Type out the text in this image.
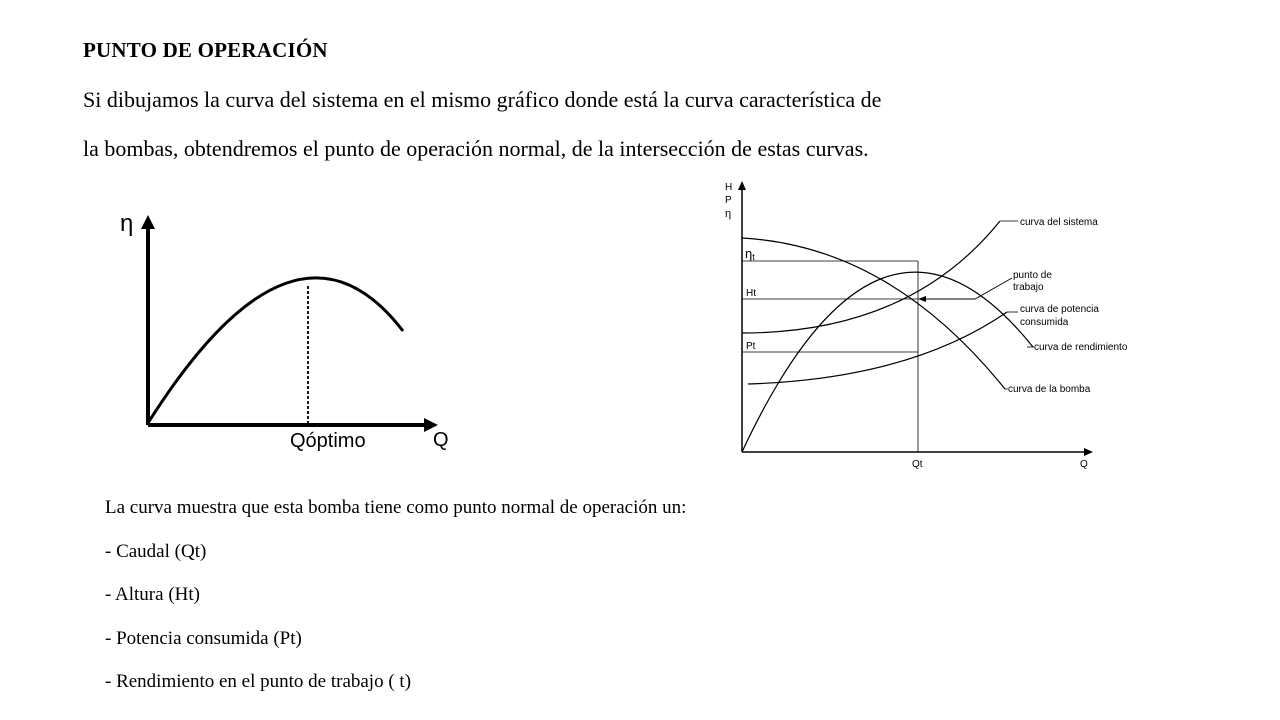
PUNTO DE OPERACIÓN
Si dibujamos la curva del sistema en el mismo gráfico donde está la curva característica de
la bombas, obtendremos el punto de operación normal, de la intersección de estas curvas.
η
Q
Qóptimo
H
P
η
Q
Qt
ηt
Ht
Pt
curva del sistema
punto de
trabajo
curva de potencia
consumida
curva de rendimiento
curva de la bomba
La curva muestra que esta bomba tiene como punto normal de operación un:
- Caudal (Qt)
- Altura (Ht)
- Potencia consumida (Pt)
- Rendimiento en el punto de trabajo ( t)
